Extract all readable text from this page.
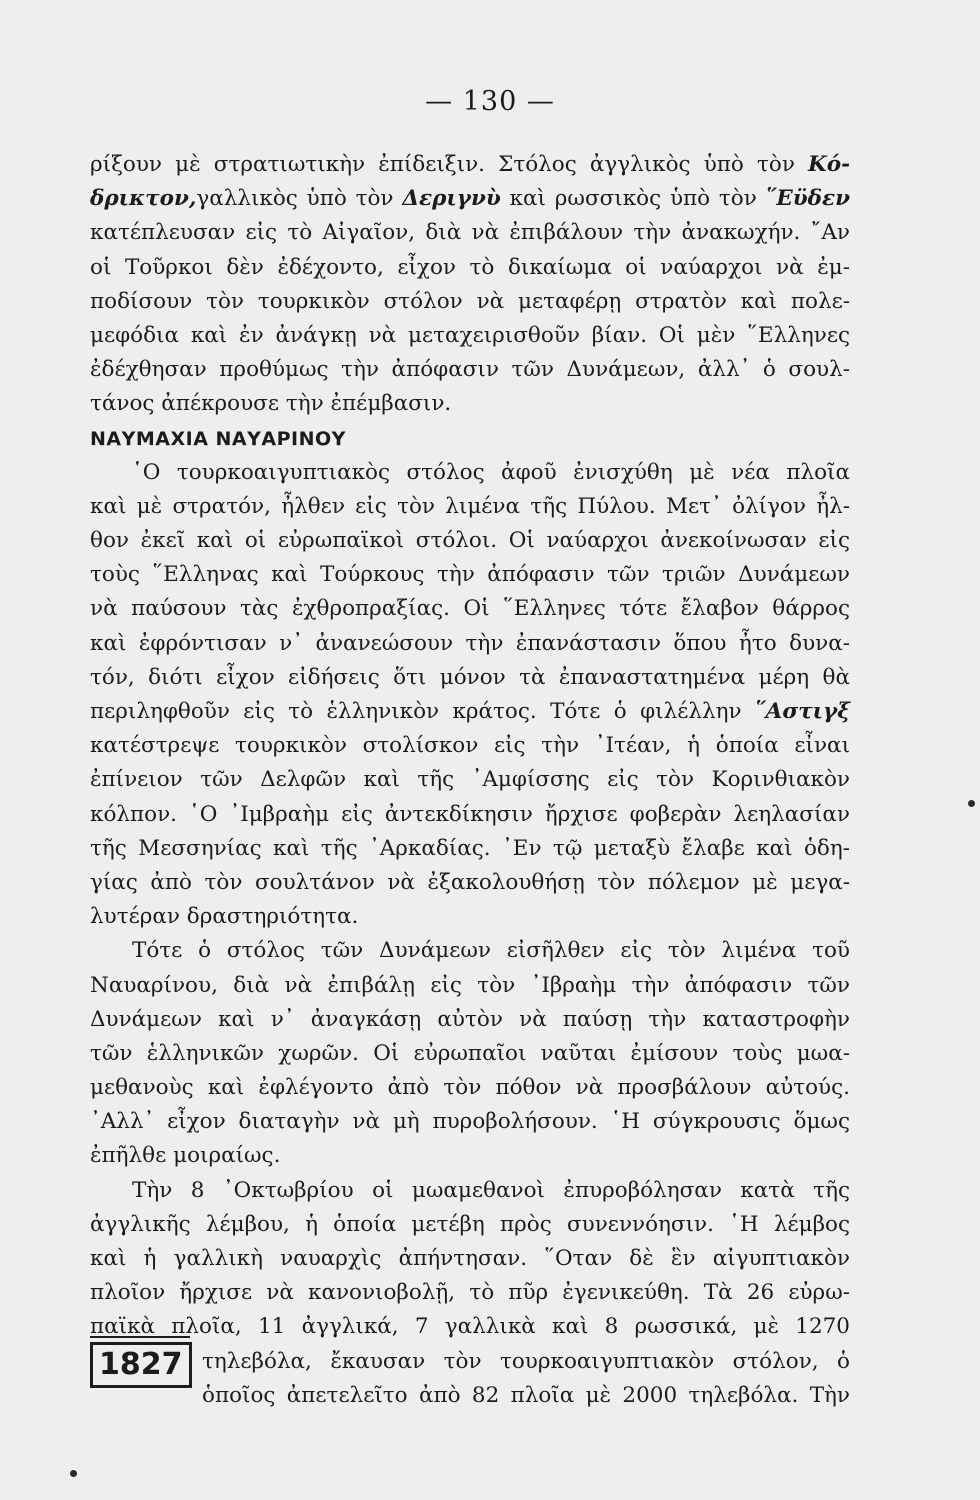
— 130 —
ρίξουν μὲ στρατιωτικὴν ἐπίδειξιν. Στόλος ἀγγλικὸς ὑπὸ τὸν Κό-
δρικτον,γαλλικὸς ὑπὸ τὸν Δεριγνὺ καὶ ρωσσικὸς ὑπὸ τὸν ῞Εϋδεν
κατέπλευσαν εἰς τὸ Αἰγαῖον, διὰ νὰ ἐπιβάλουν τὴν ἀνακωχήν. ῎Αν
οἱ Τοῦρκοι δὲν ἐδέχοντο, εἶχον τὸ δικαίωμα οἱ ναύαρχοι νὰ ἐμ-
ποδίσουν τὸν τουρκικὸν στόλον νὰ μεταφέρῃ στρατὸν καὶ πολε-
μεφόδια καὶ ἐν ἀνάγκῃ νὰ μεταχειρισθοῦν βίαν. Οἱ μὲν ῞Ελληνες
ἐδέχθησαν προθύμως τὴν ἀπόφασιν τῶν Δυνάμεων, ἀλλ᾽ ὁ σουλ-
τάνος ἀπέκρουσε τὴν ἐπέμβασιν.
ΝΑΥΜΑΧΙΑ ΝΑΥΑΡΙΝΟΥ
῾Ο τουρκοαιγυπτιακὸς στόλος ἀφοῦ ἐνισχύθη μὲ νέα πλοῖα
καὶ μὲ στρατόν, ἦλθεν εἰς τὸν λιμένα τῆς Πύλου. Μετ᾽ ὀλίγον ἦλ-
θον ἐκεῖ καὶ οἱ εὐρωπαϊκοὶ στόλοι. Οἱ ναύαρχοι ἀνεκοίνωσαν εἰς
τοὺς ῞Ελληνας καὶ Τούρκους τὴν ἀπόφασιν τῶν τριῶν Δυνάμεων
νὰ παύσουν τὰς ἐχθροπραξίας. Οἱ ῞Ελληνες τότε ἔλαβον θάρρος
καὶ ἐφρόντισαν ν᾽ ἀνανεώσουν τὴν ἐπανάστασιν ὅπου ἦτο δυνα-
τόν, διότι εἶχον εἰδήσεις ὅτι μόνον τὰ ἐπαναστατημένα μέρη θὰ
περιληφθοῦν εἰς τὸ ἑλληνικὸν κράτος. Τότε ὁ φιλέλλην ῞Αστιγξ
κατέστρεψε τουρκικὸν στολίσκον εἰς τὴν ᾿Ιτέαν, ἡ ὁποία εἶναι
ἐπίνειον τῶν Δελφῶν καὶ τῆς ᾿Αμφίσσης εἰς τὸν Κορινθιακὸν
κόλπον. ῾Ο ᾿Ιμβραὴμ εἰς ἀντεκδίκησιν ἤρχισε φοβερὰν λεηλασίαν
τῆς Μεσσηνίας καὶ τῆς ᾿Αρκαδίας. ᾿Εν τῷ μεταξὺ ἔλαβε καὶ ὁδη-
γίας ἀπὸ τὸν σουλτάνον νὰ ἐξακολουθήσῃ τὸν πόλεμον μὲ μεγα-
λυτέραν δραστηριότητα.
Τότε ὁ στόλος τῶν Δυνάμεων εἰσῆλθεν εἰς τὸν λιμένα τοῦ
Ναυαρίνου, διὰ νὰ ἐπιβάλῃ εἰς τὸν ᾿Ιβραὴμ τὴν ἀπόφασιν τῶν
Δυνάμεων καὶ ν᾽ ἀναγκάσῃ αὐτὸν νὰ παύσῃ τὴν καταστροφὴν
τῶν ἑλληνικῶν χωρῶν. Οἱ εὐρωπαῖοι ναῦται ἐμίσουν τοὺς μωα-
μεθανοὺς καὶ ἐφλέγοντο ἀπὸ τὸν πόθον νὰ προσβάλουν αὐτούς.
᾿Αλλ᾽ εἶχον διαταγὴν νὰ μὴ πυροβολήσουν. ῾Η σύγκρουσις ὅμως
ἐπῆλθε μοιραίως.
Τὴν 8 ᾿Οκτωβρίου οἱ μωαμεθανοὶ ἐπυροβόλησαν κατὰ τῆς
ἀγγλικῆς λέμβου, ἡ ὁποία μετέβη πρὸς συνεννόησιν. ῾Η λέμβος
καὶ ἡ γαλλικὴ ναυαρχὶς ἀπήντησαν. ῞Οταν δὲ ἓν αἰγυπτιακὸν
πλοῖον ἤρχισε νὰ κανονιοβολῇ, τὸ πῦρ ἐγενικεύθη. Τὰ 26 εὐρω-
παϊκὰ πλοῖα, 11 ἀγγλικά, 7 γαλλικὰ καὶ 8 ρωσσικά, μὲ 1270
τηλεβόλα, ἔκαυσαν τὸν τουρκοαιγυπτιακὸν στόλον, ὁ
ὁποῖος ἀπετελεῖτο ἀπὸ 82 πλοῖα μὲ 2000 τηλεβόλα. Τὴν
1827
